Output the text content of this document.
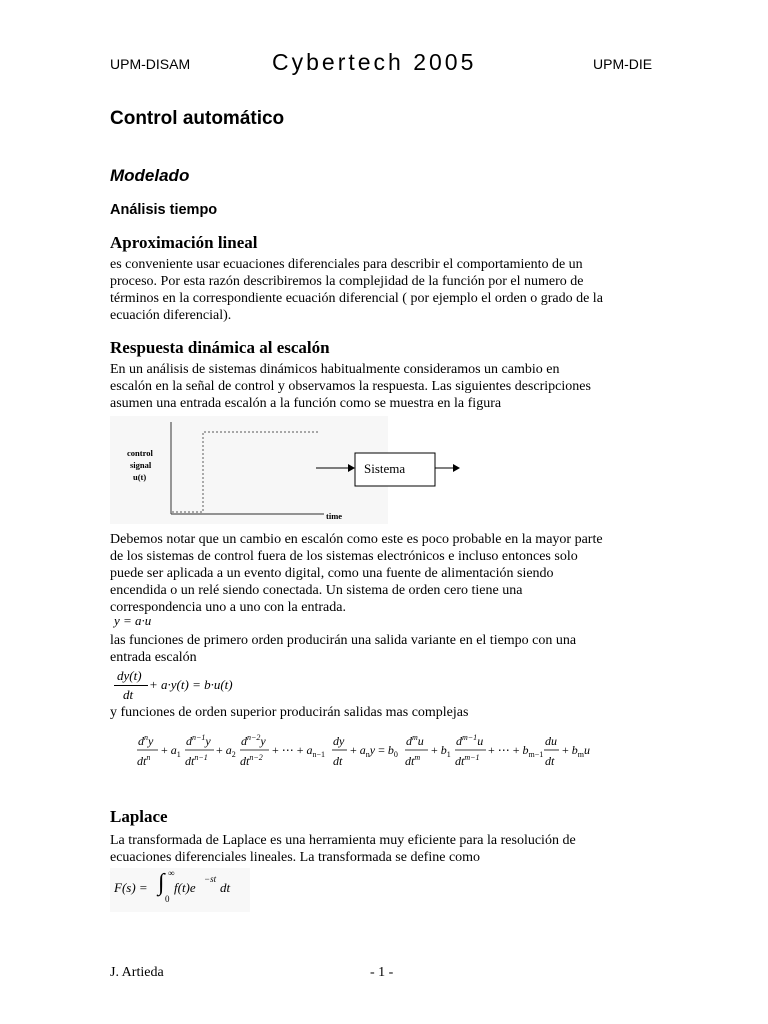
UPM-DISAM	Cybertech 2005	UPM-DIE
Control automático
Modelado
Análisis tiempo
Aproximación lineal

es conveniente usar ecuaciones diferenciales para describir el comportamiento de un

proceso. Por esta razón describiremos la complejidad de la función por el numero de

términos en la correspondiente ecuación diferencial ( por ejemplo el orden o grado de la

ecuación diferencial).

Respuesta dinámica al escalón

En un análisis de sistemas dinámicos habitualmente consideramos un cambio en

escalón en la señal de control y observamos la respuesta. Las siguientes descripciones

asumen una entrada escalón a la función como se muestra en la figura

control
signal
u(t)
time
Sistema

Debemos notar que un cambio en escalón como este es poco probable en la mayor parte

de los sistemas de control fuera de los sistemas electrónicos e incluso entonces solo

puede ser aplicada a un evento digital, como una fuente de alimentación siendo

encendida o un relé siendo conectada. Un sistema de orden cero tiene una

correspondencia uno a uno con la entrada.

y = a·u

las funciones de primero orden producirán una salida variante en el tiempo con una

entrada escalón

dy(t)
dt
+ a·y(t) = b·u(t)

y funciones de orden superior producirán salidas mas complejas

$d^ny$
$dt^n$
+ $a_1$
$d^{n-1}y$
$dt^{n-1}$
+ $a_2$
$d^{n-2}y$
$dt^{n-2}$
+ ⋯ + $a_{n-1}$
dy
dt
+ $a_ny = b_0$
$d^mu$
$dt^m$
+ $b_1$
$d^{m-1}u$
$dt^{m-1}$
+ ⋯ + $b_{m-1}$
du
dt
+ $b_mu$
Laplace

La transformada de Laplace es una herramienta muy eficiente para la resolución de

ecuaciones diferenciales lineales. La transformada se define como

F(s) = ∫ ∞
0
f(t)e
−st
dt
J. Artieda	- 1 -
